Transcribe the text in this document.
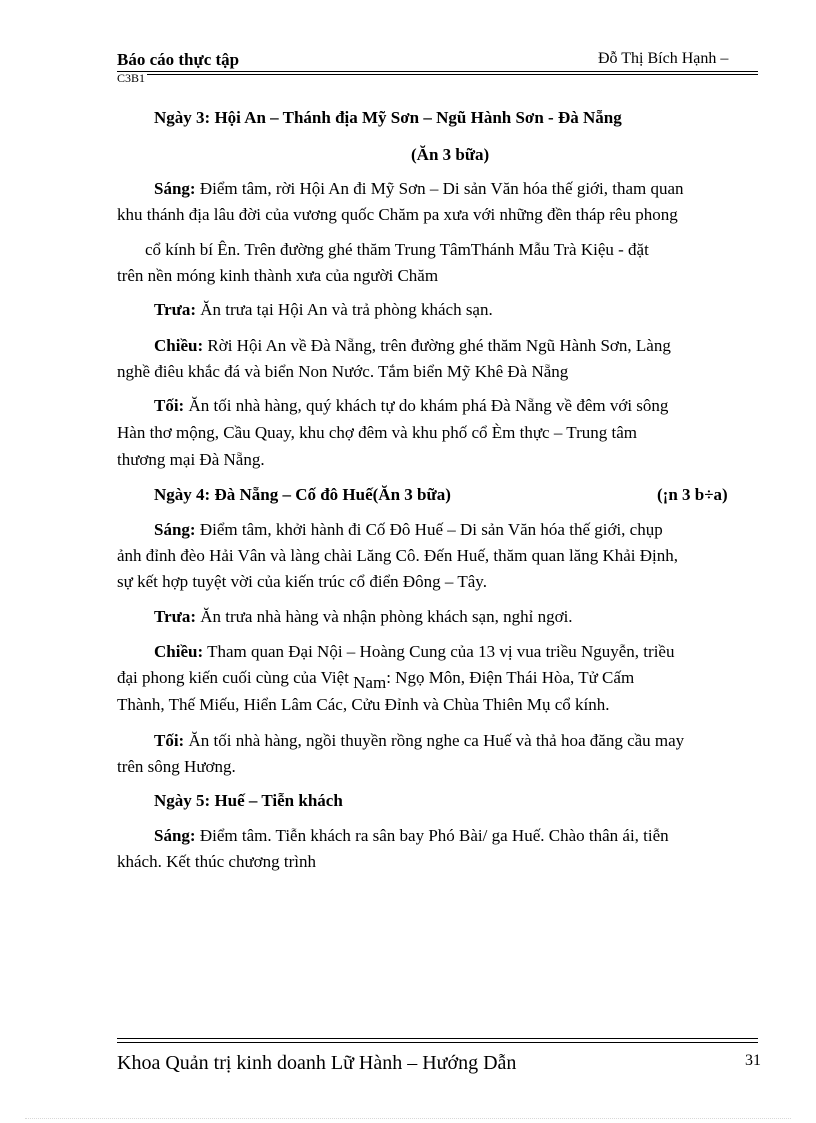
Báo cáo thực tập	Đỗ Thị Bích Hạnh –
C3B1
Ngày 3: Hội An – Thánh địa Mỹ Sơn – Ngũ Hành Sơn - Đà Nẵng
(Ăn 3 bữa)
Sáng: Điểm tâm, rời Hội An đi Mỹ Sơn – Di sản Văn hóa thế giới, tham quan
khu thánh địa lâu đời của vương quốc Chăm pa xưa với những đền tháp rêu phong
cổ kính bí Ên. Trên đường ghé thăm Trung TâmThánh Mẫu Trà Kiệu - đặt
trên nền móng kinh thành xưa của người Chăm
Trưa: Ăn trưa tại Hội An và trả phòng khách sạn.
Chiều: Rời Hội An về Đà Nẵng, trên đường ghé thăm Ngũ Hành Sơn, Làng
nghề điêu khắc đá và biển Non Nước. Tắm biển Mỹ Khê Đà Nẵng
Tối: Ăn tối nhà hàng, quý khách tự do khám phá Đà Nẵng về đêm với sông
Hàn thơ mộng, Cầu Quay, khu chợ đêm và khu phố cổ Èm thực – Trung tâm
thương mại Đà Nẵng.
Ngày 4: Đà Nẵng – Cố đô Huế(Ăn 3 bữa)	(¡n 3 b÷a)
Sáng: Điểm tâm, khởi hành đi Cố Đô Huế – Di sản Văn hóa thế giới, chụp
ảnh đỉnh đèo Hải Vân và làng chài Lăng Cô. Đến Huế, thăm quan lăng Khải Định,
sự kết hợp tuyệt vời của kiến trúc cổ điển Đông – Tây.
Trưa: Ăn trưa nhà hàng và nhận phòng khách sạn, nghỉ ngơi.
Chiều: Tham quan Đại Nội – Hoàng Cung của 13 vị vua triều Nguyễn, triều
đại phong kiến cuối cùng của Việt Nam: Ngọ Môn, Điện Thái Hòa, Tử Cấm
Thành, Thế Miếu, Hiển Lâm Các, Cửu Đỉnh và Chùa Thiên Mụ cổ kính.
Tối: Ăn tối nhà hàng, ngồi thuyền rồng nghe ca Huế và thả hoa đăng cầu may
trên sông Hương.
Ngày 5: Huế – Tiễn khách
Sáng: Điểm tâm. Tiễn khách ra sân bay Phó Bài/ ga Huế. Chào thân ái, tiễn
khách. Kết thúc chương trình
Khoa Quản trị kinh doanh Lữ Hành – Hướng Dẫn	31
